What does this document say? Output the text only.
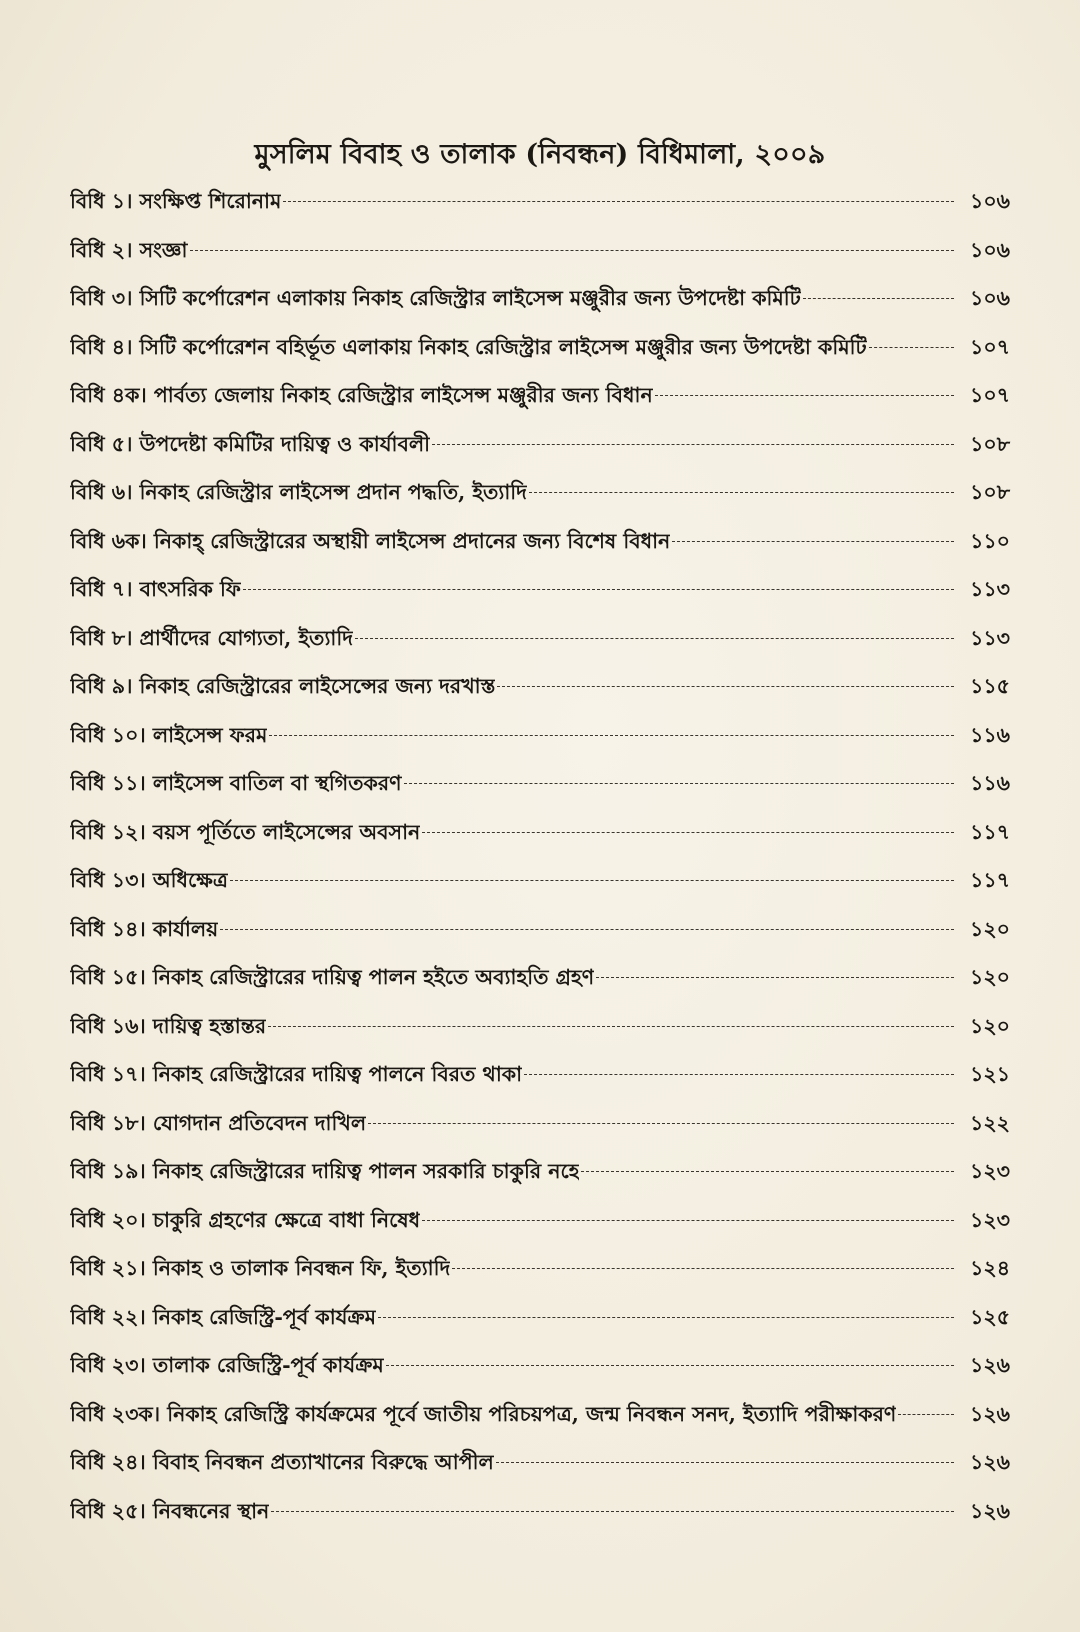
মুসলিম বিবাহ ও তালাক (নিবন্ধন) বিধিমালা, ২০০৯
বিধি ১। সংক্ষিপ্ত শিরোনাম	১০৬
বিধি ২। সংজ্ঞা	১০৬
বিধি ৩। সিটি কর্পোরেশন এলাকায় নিকাহ রেজিস্ট্রার লাইসেন্স মঞ্জুরীর জন্য উপদেষ্টা কমিটি	১০৬
বিধি ৪। সিটি কর্পোরেশন বহির্ভূত এলাকায় নিকাহ রেজিস্ট্রার লাইসেন্স মঞ্জুরীর জন্য উপদেষ্টা কমিটি	১০৭
বিধি ৪ক। পার্বত্য জেলায় নিকাহ রেজিস্ট্রার লাইসেন্স মঞ্জুরীর জন্য বিধান	১০৭
বিধি ৫। উপদেষ্টা কমিটির দায়িত্ব ও কার্যাবলী	১০৮
বিধি ৬। নিকাহ রেজিস্ট্রার লাইসেন্স প্রদান পদ্ধতি, ইত্যাদি	১০৮
বিধি ৬ক। নিকাহ্ রেজিস্ট্রারের অস্থায়ী লাইসেন্স প্রদানের জন্য বিশেষ বিধান	১১০
বিধি ৭। বাৎসরিক ফি	১১৩
বিধি ৮। প্রার্থীদের যোগ্যতা, ইত্যাদি	১১৩
বিধি ৯। নিকাহ রেজিস্ট্রারের লাইসেন্সের জন্য দরখাস্ত	১১৫
বিধি ১০। লাইসেন্স ফরম	১১৬
বিধি ১১। লাইসেন্স বাতিল বা স্থগিতকরণ	১১৬
বিধি ১২। বয়স পূর্তিতে লাইসেন্সের অবসান	১১৭
বিধি ১৩। অধিক্ষেত্র	১১৭
বিধি ১৪। কার্যালয়	১২০
বিধি ১৫। নিকাহ রেজিস্ট্রারের দায়িত্ব পালন হইতে অব্যাহতি গ্রহণ	১২০
বিধি ১৬। দায়িত্ব হস্তান্তর	১২০
বিধি ১৭। নিকাহ রেজিস্ট্রারের দায়িত্ব পালনে বিরত থাকা	১২১
বিধি ১৮। যোগদান প্রতিবেদন দাখিল	১২২
বিধি ১৯। নিকাহ রেজিস্ট্রারের দায়িত্ব পালন সরকারি চাকুরি নহে	১২৩
বিধি ২০। চাকুরি গ্রহণের ক্ষেত্রে বাধা নিষেধ	১২৩
বিধি ২১। নিকাহ ও তালাক নিবন্ধন ফি, ইত্যাদি	১২৪
বিধি ২২। নিকাহ রেজিস্ট্রি-পূর্ব কার্যক্রম	১২৫
বিধি ২৩। তালাক রেজিস্ট্রি-পূর্ব কার্যক্রম	১২৬
বিধি ২৩ক। নিকাহ রেজিস্ট্রি কার্যক্রমের পূর্বে জাতীয় পরিচয়পত্র, জন্ম নিবন্ধন সনদ, ইত্যাদি পরীক্ষাকরণ	১২৬
বিধি ২৪। বিবাহ নিবন্ধন প্রত্যাখানের বিরুদ্ধে আপীল	১২৬
বিধি ২৫। নিবন্ধনের স্থান	১২৬
